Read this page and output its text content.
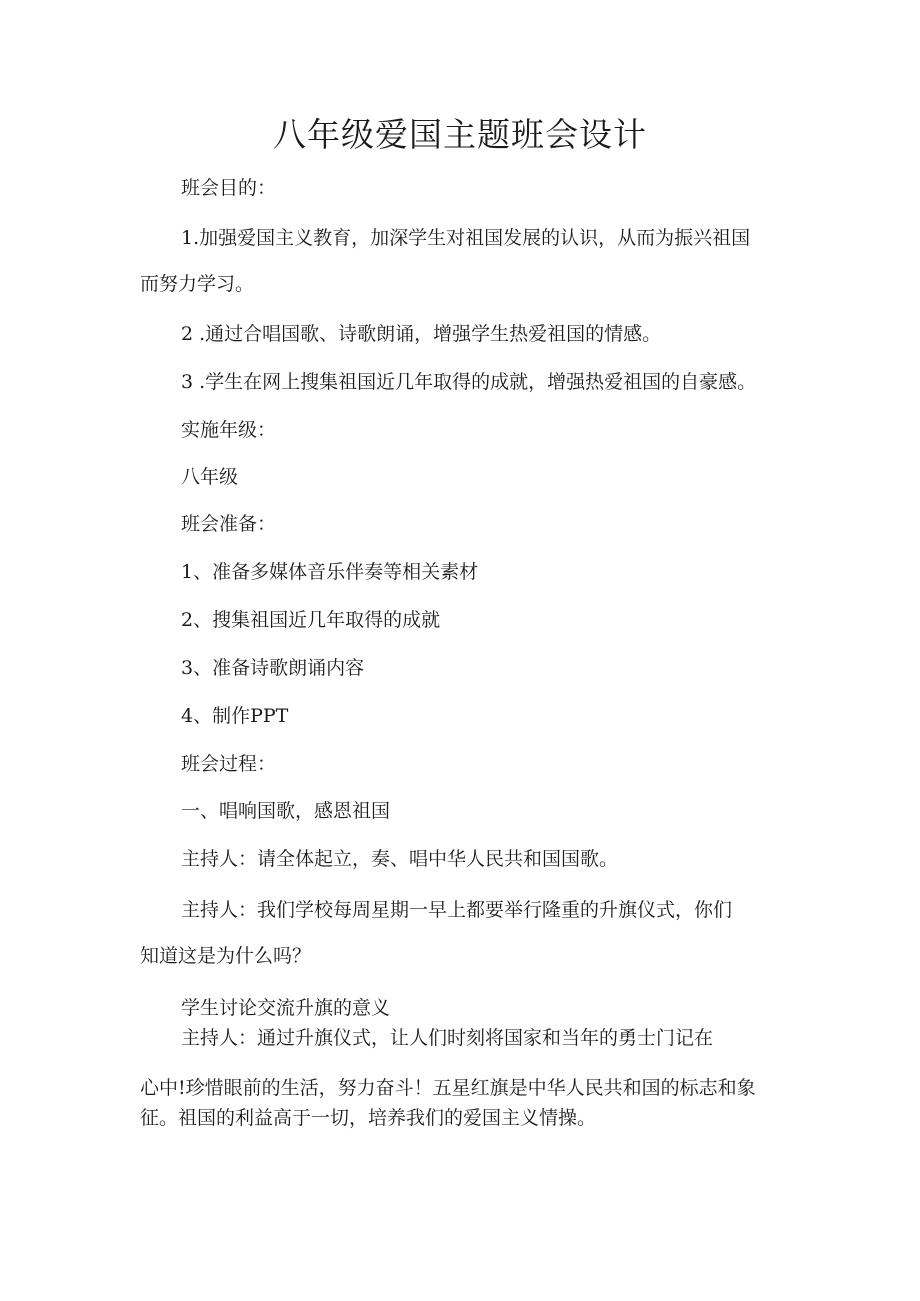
八年级爱国主题班会设计

班会目的：

1.加强爱国主义教育，加深学生对祖国发展的认识，从而为振兴祖国

而努力学习。

2 .通过合唱国歌、诗歌朗诵，增强学生热爱祖国的情感。

3 .学生在网上搜集祖国近几年取得的成就，增强热爱祖国的自豪感。

实施年级：

八年级

班会准备：

1、准备多媒体音乐伴奏等相关素材

2、搜集祖国近几年取得的成就

3、准备诗歌朗诵内容

4、制作PPT

班会过程：

一、唱响国歌，感恩祖国

主持人：请全体起立，奏、唱中华人民共和国国歌。

主持人：我们学校每周星期一早上都要举行隆重的升旗仪式，你们

知道这是为什么吗？

学生讨论交流升旗的意义

主持人：通过升旗仪式，让人们时刻将国家和当年的勇士门记在

心中!珍惜眼前的生活，努力奋斗！五星红旗是中华人民共和国的标志和象

征。祖国的利益高于一切，培养我们的爱国主义情操。
